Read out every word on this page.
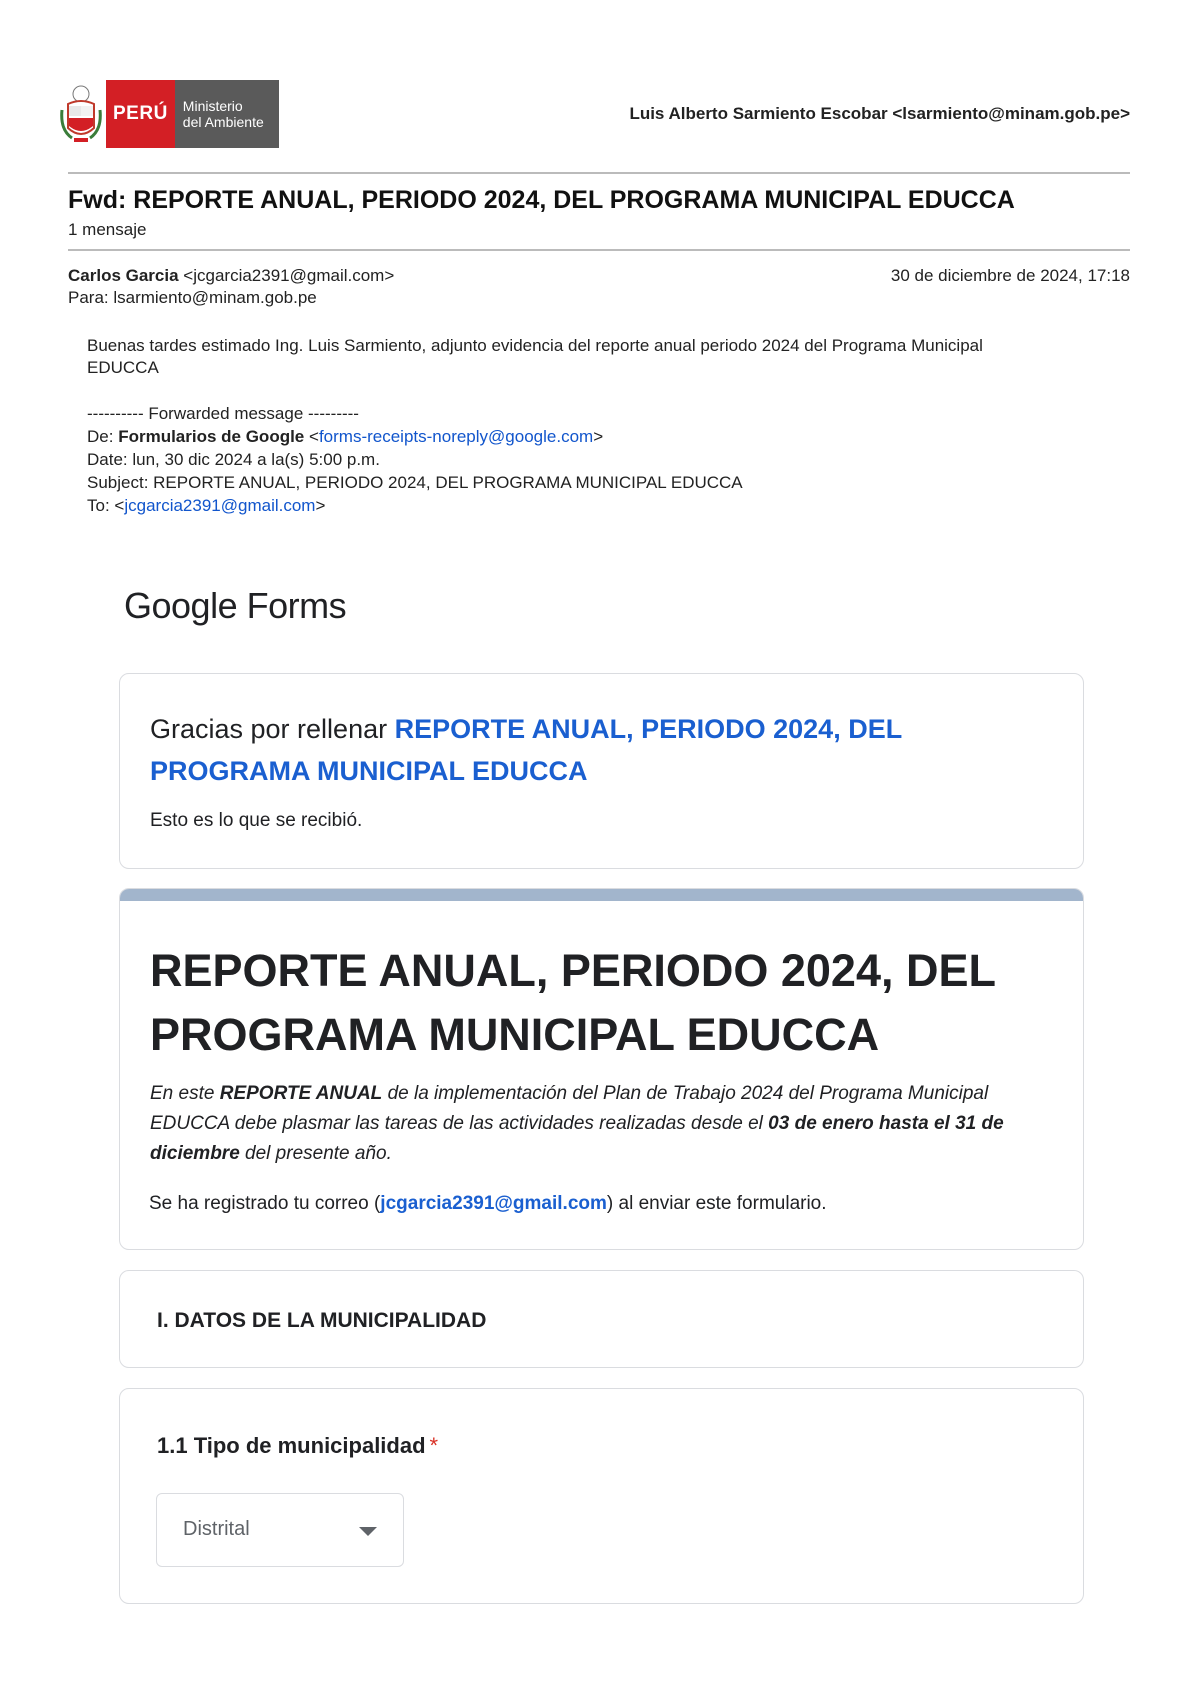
PERÚ	Ministerio
del Ambiente	Luis Alberto Sarmiento Escobar <lsarmiento@minam.gob.pe>
Fwd: REPORTE ANUAL, PERIODO 2024, DEL PROGRAMA MUNICIPAL EDUCCA
1 mensaje
Carlos Garcia <jcgarcia2391@gmail.com>	30 de diciembre de 2024, 17:18
Para: lsarmiento@minam.gob.pe
Buenas tardes estimado Ing. Luis Sarmiento, adjunto evidencia del reporte anual periodo 2024 del Programa Municipal EDUCCA
---------- Forwarded message ---------
De: Formularios de Google <forms-receipts-noreply@google.com>
Date: lun, 30 dic 2024 a la(s) 5:00 p.m.
Subject: REPORTE ANUAL, PERIODO 2024, DEL PROGRAMA MUNICIPAL EDUCCA
To: <jcgarcia2391@gmail.com>
Google Forms
Gracias por rellenar REPORTE ANUAL, PERIODO 2024, DEL PROGRAMA MUNICIPAL EDUCCA
Esto es lo que se recibió.
REPORTE ANUAL, PERIODO 2024, DEL PROGRAMA MUNICIPAL EDUCCA
En este REPORTE ANUAL de la implementación del Plan de Trabajo 2024 del Programa Municipal EDUCCA debe plasmar las tareas de las actividades realizadas desde el 03 de enero hasta el 31 de diciembre del presente año.
Se ha registrado tu correo (jcgarcia2391@gmail.com) al enviar este formulario.
I. DATOS DE LA MUNICIPALIDAD
1.1 Tipo de municipalidad *
Distrital
